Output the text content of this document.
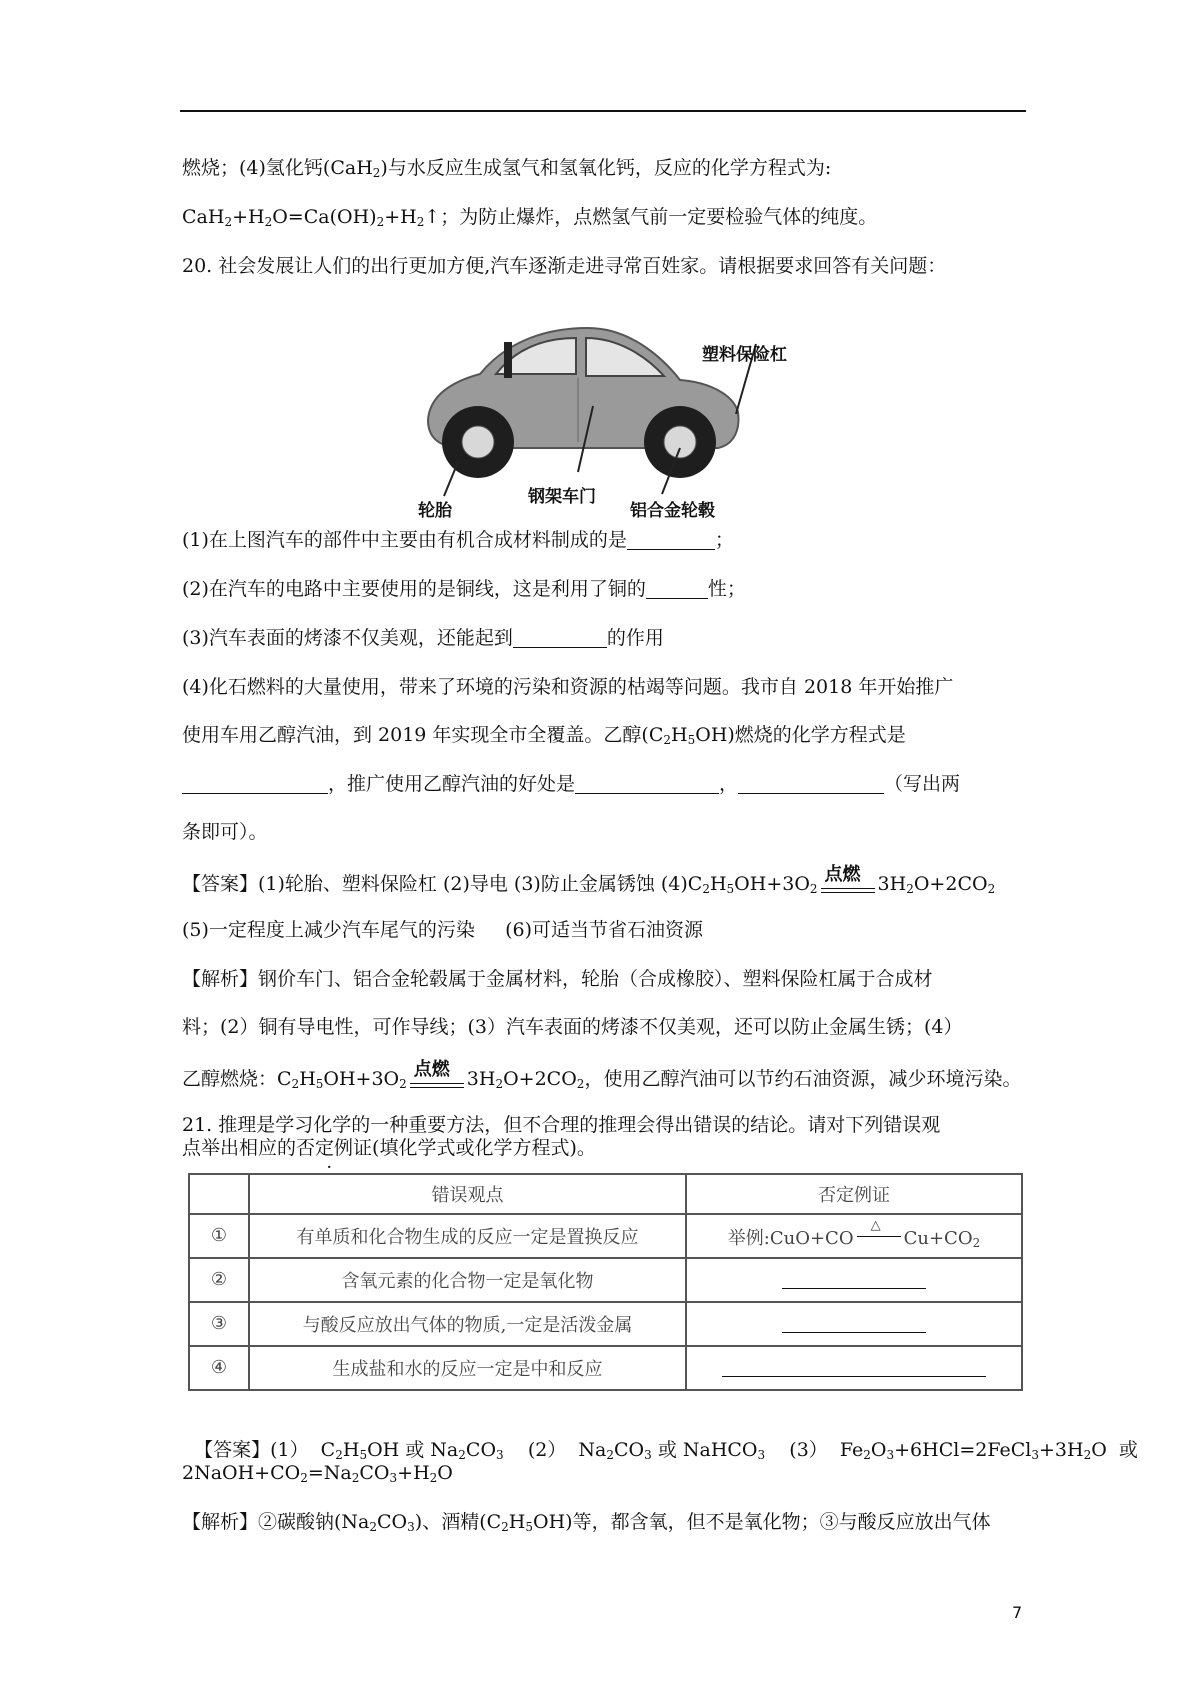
燃烧；(4)氢化钙(CaH$_2$)与水反应生成氢气和氢氧化钙，反应的化学方程式为:
$CaH_2+H_2O=Ca(OH)_2+H_2↑$；为防止爆炸，点燃氢气前一定要检验气体的纯度。
20. 社会发展让人们的出行更加方便,汽车逐渐走进寻常百姓家。请根据要求回答有关问题：
塑料保险杠
轮胎
钢架车门
铝合金轮毂
(1)在上图汽车的部件中主要由有机合成材料制成的是	；
(2)在汽车的电路中主要使用的是铜线，这是利用了铜的	性；
(3)汽车表面的烤漆不仅美观，还能起到	的作用
(4)化石燃料的大量使用，带来了环境的污染和资源的枯竭等问题。我市自 2018 年开始推广
使用车用乙醇汽油，到 2019 年实现全市全覆盖。乙醇$(C_2H_5OH)$燃烧的化学方程式是
，推广使用乙醇汽油的好处是	，	（写出两
条即可）。
【答案】(1)轮胎、塑料保险杠 (2)导电 (3)防止金属锈蚀 $(4)C_2H_5OH+3O_2$
点燃 $3H_2O+2CO_2$
(5)一定程度上减少汽车尾气的污染     (6)可适当节省石油资源
【解析】钢价车门、铝合金轮毂属于金属材料，轮胎（合成橡胶）、塑料保险杠属于合成材
料；(2）铜有导电性，可作导线；(3）汽车表面的烤漆不仅美观，还可以防止金属生锈；(4）
乙醇燃烧：$C_2H_5OH+3O_2$
点燃 $3H_2O+2CO_2$，使用乙醇汽油可以节约石油资源，减少环境污染。
21. 推理是学习化学的一种重要方法，但不合理的推理会得出错误的结论。请对下列错误观
点举出相应的否定例证(填化学式或化学方程式)。
	错误观点	否定例证
①	有单质和化合物生成的反应一定是置换反应	举例:CuO+CO
△
$Cu+CO_2$
②	含氧元素的化合物一定是氧化物	
③	与酸反应放出气体的物质,一定是活泼金属	
④	生成盐和水的反应一定是中和反应	

【答案】(1）  $C_2H_5OH$ 或 $Na_2CO_3$    (2）  $Na_2CO_3$ 或 NaHCO$_3$    (3）  $Fe_2O_3+6HCl=2FeCl_3+3H_2O$  或

$2NaOH+CO_2=Na_2CO_3+H_2O$
【解析】②碳酸钠$(Na_2CO_3)$、酒精$(C_2H_5OH)$等，都含氧，但不是氧化物；③与酸反应放出气体
7
